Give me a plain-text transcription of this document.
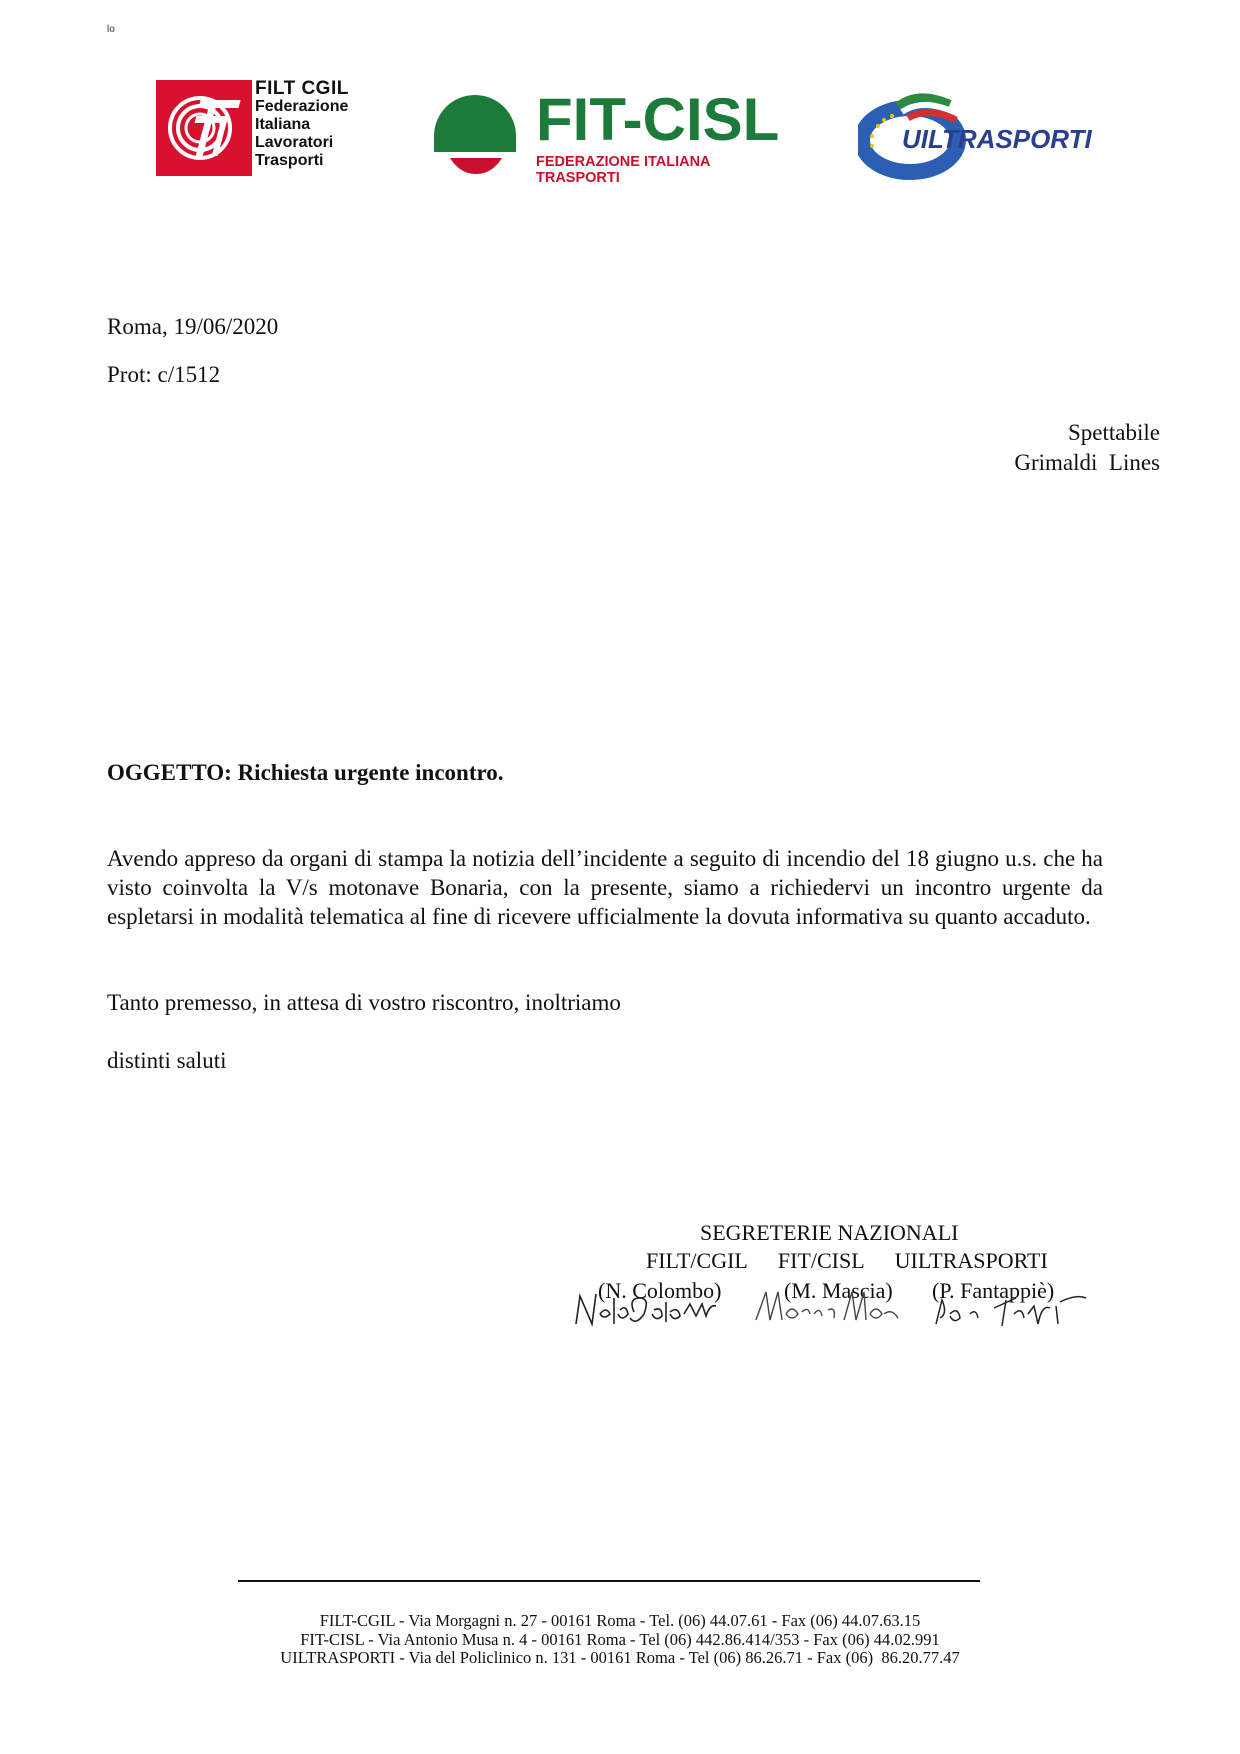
lo
FILT CGIL
Federazione
Italiana
Lavoratori
Trasporti
FIT-CISL
FEDERAZIONE ITALIANA TRASPORTI
UILTRASPORTI
Roma, 19/06/2020
Prot: c/1512
Spettabile
Grimaldi  Lines
OGGETTO: Richiesta urgente incontro.
Avendo appreso da organi di stampa la notizia dell’incidente a seguito di incendio del 18 giugno u.s. che ha visto coinvolta la V/s motonave Bonaria, con la presente, siamo a richiedervi un incontro urgente da espletarsi in modalità telematica al fine di ricevere ufficialmente la dovuta informativa su quanto accaduto.
Tanto premesso, in attesa di vostro riscontro, inoltriamo
distinti saluti
SEGRETERIE NAZIONALI
FILT/CGIL FIT/CISL UILTRASPORTI
(N. Colombo)	(M. Mascia) (P. Fantappiè)
FILT-CGIL - Via Morgagni n. 27 - 00161 Roma - Tel. (06) 44.07.61 - Fax (06) 44.07.63.15
FIT-CISL - Via Antonio Musa n. 4 - 00161 Roma - Tel (06) 442.86.414/353 - Fax (06) 44.02.991
UILTRASPORTI - Via del Policlinico n. 131 - 00161 Roma - Tel (06) 86.26.71 - Fax (06)  86.20.77.47
